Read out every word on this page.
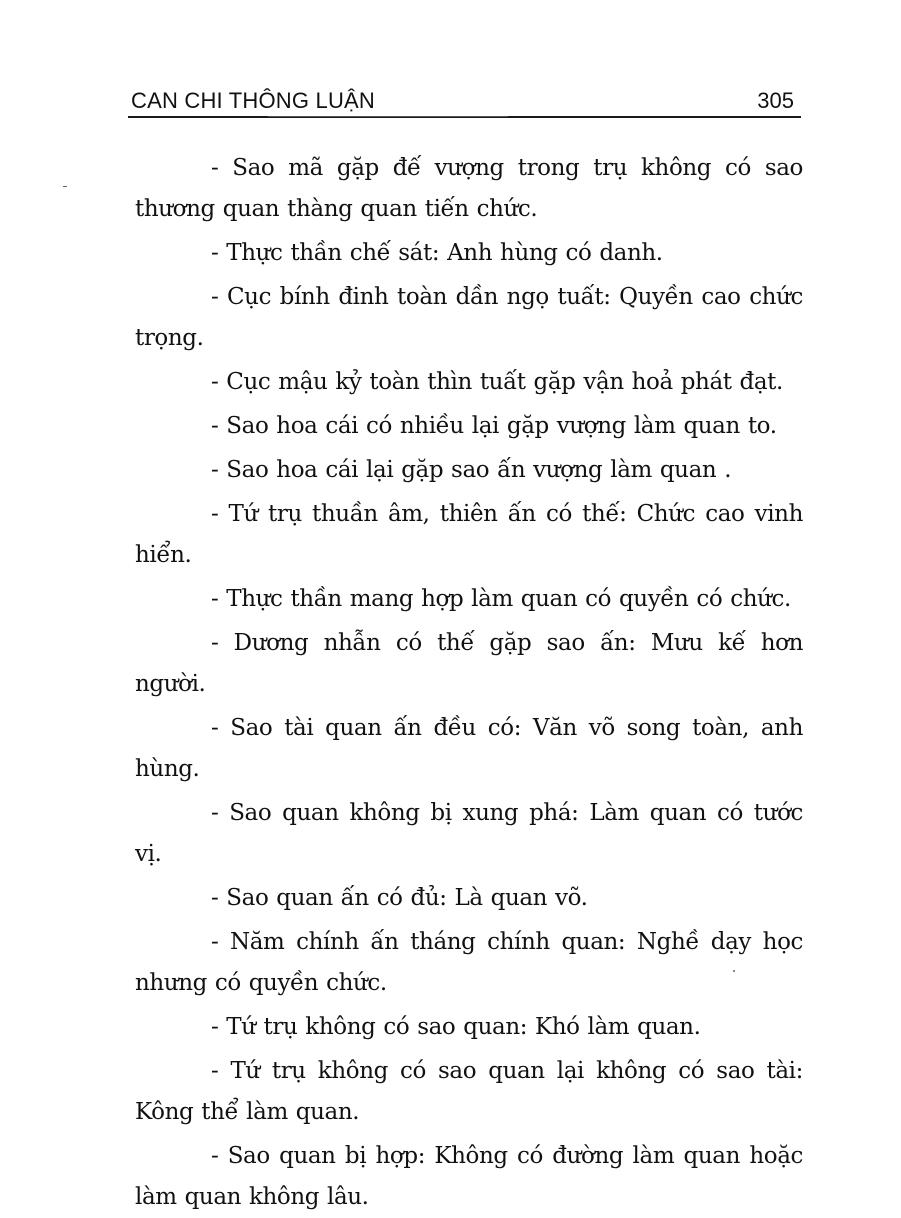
CAN CHI THÔNG LUẬN	305

- Sao mã gặp đế vượng trong trụ không có sao thương quan thàng quan tiến chức.

- Thực thần chế sát: Anh hùng có danh.

- Cục bính đinh toàn dần ngọ tuất: Quyền cao chức trọng.

- Cục mậu kỷ toàn thìn tuất gặp vận hoả phát đạt.

- Sao hoa cái có nhiều lại gặp vượng làm quan to.

- Sao hoa cái lại gặp sao ấn vượng làm quan .

- Tứ trụ thuần âm, thiên ấn có thế: Chức cao vinh hiển.

- Thực thần mang hợp làm quan có quyền có chức.

- Dương nhẫn có thế gặp sao ấn: Mưu kế hơn người.

- Sao tài quan ấn đều có: Văn võ song toàn, anh hùng.

- Sao quan không bị xung phá: Làm quan có tước vị.

- Sao quan ấn có đủ: Là quan võ.

- Năm chính ấn tháng chính quan: Nghề dạy học nhưng có quyền chức.

- Tứ trụ không có sao quan: Khó làm quan.

- Tứ trụ không có sao quan lại không có sao tài: Kông thể làm quan.

- Sao quan bị hợp: Không có đường làm quan hoặc làm quan không lâu.
